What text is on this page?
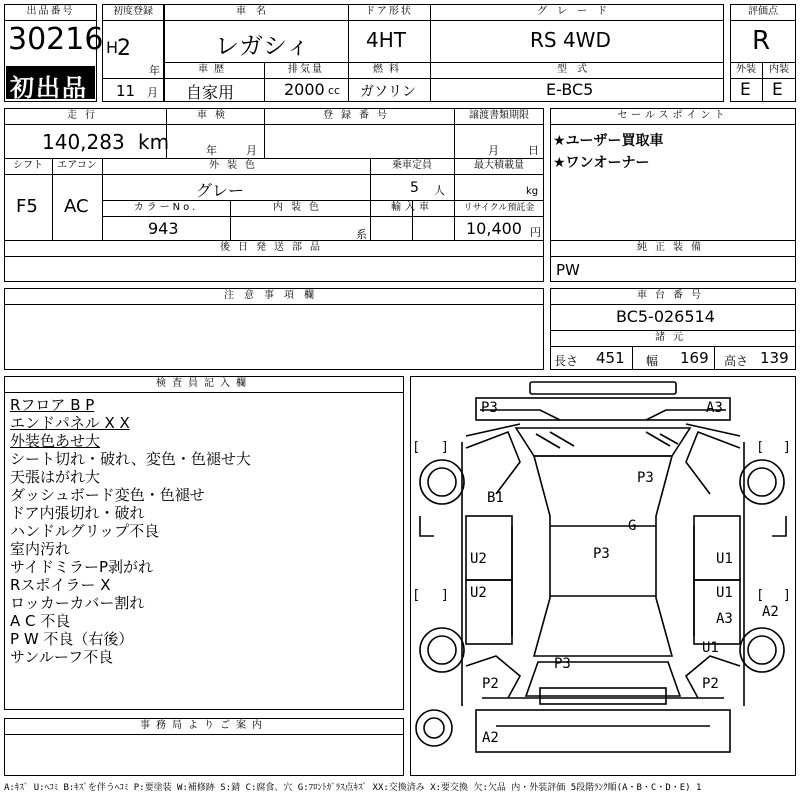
出品番号
30216
初出品
初度登録
H
2
年
11 月
車名
レガシィ
ドア形状
4HT
グレード
RS 4WD
車歴
自家用
排気量
2000 cc
燃料
ガソリン
型式
E-BC5
評価点
R
外装	内装
E E
走行
140,283 km
車検
年	月
登録番号	譲渡書類期限
月	日
シフト
F5
エアコン
AC
外装色
グレー
乗車定員
5 人
最大積載量
kg
カラーNo.
943
内装色
系
輸入車	リサイクル預託金
10,400 円
後日発送部品
セールスポイント
★ユーザー買取車
★ワンオーナー
純正装備
PW
注意事項欄	車台番号
BC5-026514
諸元
長さ 451 幅 169 高さ 139
検査員記入欄
Rフロア B P
エンドパネル X X
外装色あせ大
シート切れ・破れ、変色・色褪せ大
天張はがれ大
ダッシュボード変色・色褪せ
ドア内張切れ・破れ
ハンドルグリップ不良
室内汚れ
サイドミラーP剥がれ
Rスポイラー X
ロッカーカバー割れ
A C 不良
P W 不良（右後）
サンルーフ不良
事務局よりご案内
[ ]	[ ]
[ ]	[ ]
P3	A3
P3
B1
G
P3
U2	U1
U2	U1
A3 A2
U1
P3
P2	P2
A2
A:ｷｽﾞ U:ﾍｺﾐ B:ｷｽﾞを伴うﾍｺﾐ P:要塗装 W:補修跡 S:錆 C:腐食、穴 G:ﾌﾛﾝﾄｶﾞﾗｽ点ｷｽﾞ XX:交換済み X:要交換 欠:欠品 内・外装評価 5段階ﾗﾝｸ順(A・B・C・D・E) 1
